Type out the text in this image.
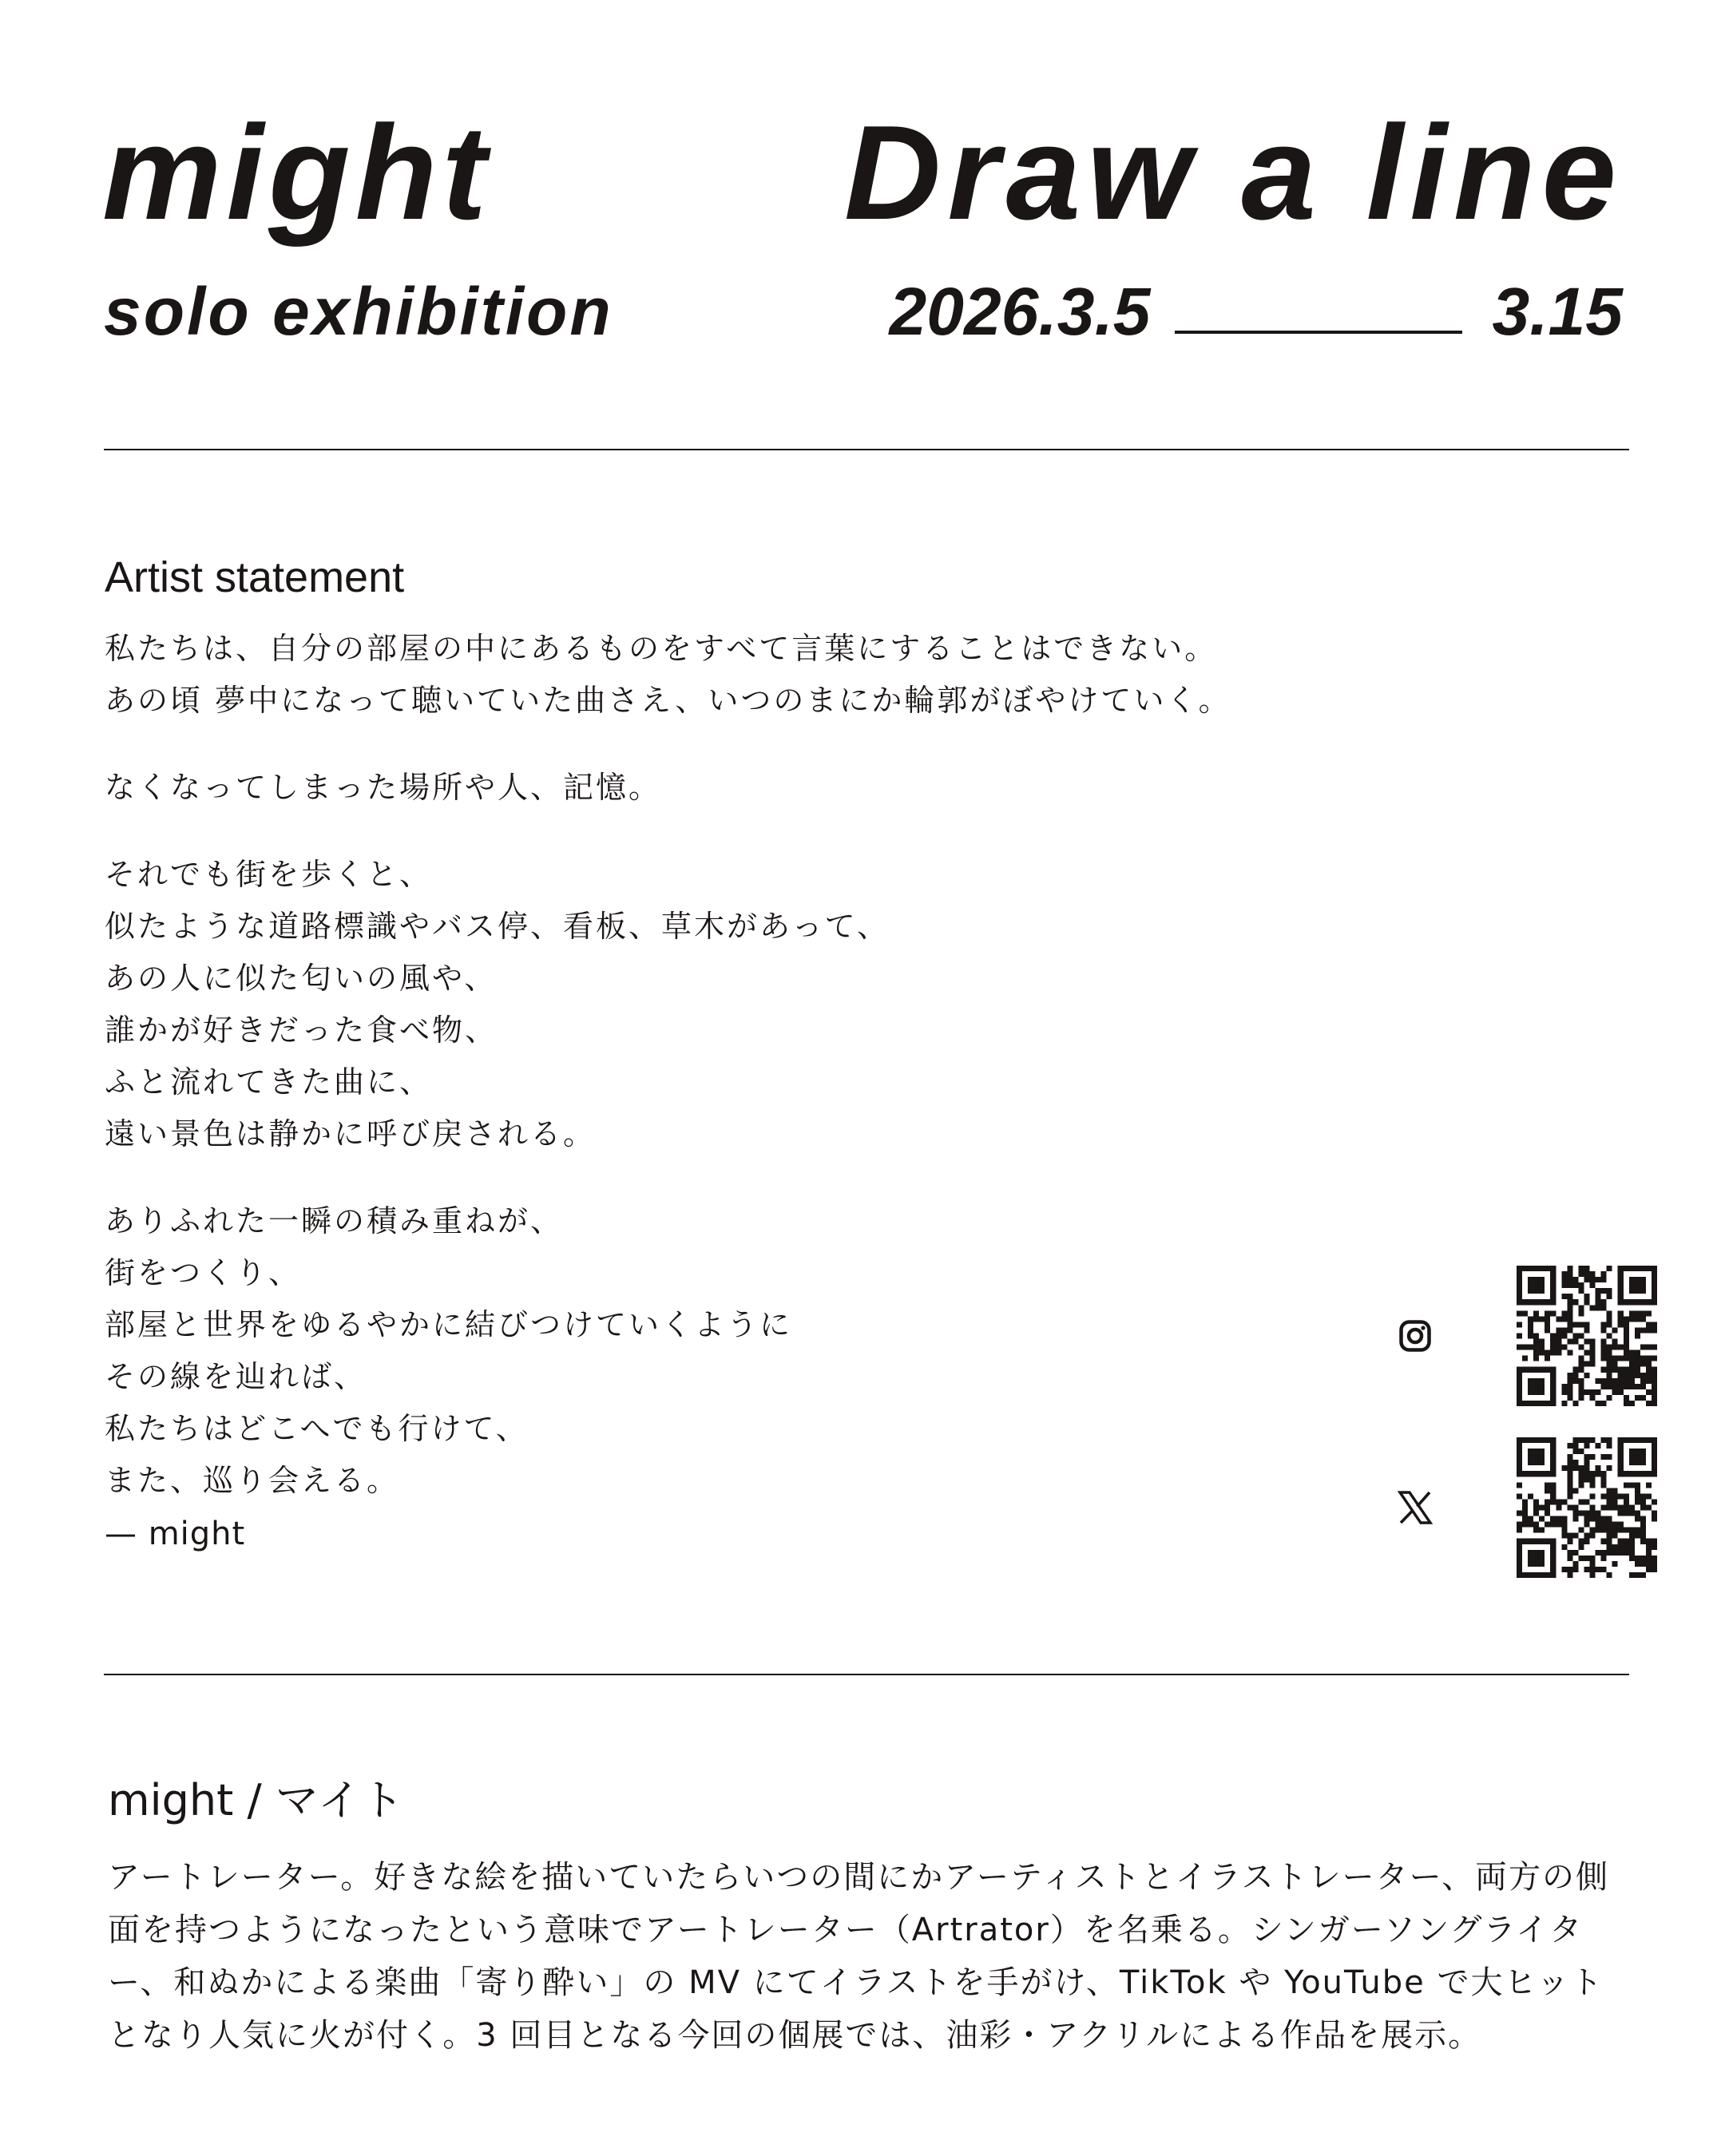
might	Draw a line
solo exhibition	2026.3.5	3.15
Artist statement

私たちは、自分の部屋の中にあるものをすべて言葉にすることはできない。

あの頃 夢中になって聴いていた曲さえ、いつのまにか輪郭がぼやけていく。

なくなってしまった場所や人、記憶。

それでも街を歩くと、

似たような道路標識やバス停、看板、草木があって、

あの人に似た匂いの風や、

誰かが好きだった食べ物、

ふと流れてきた曲に、

遠い景色は静かに呼び戻される。

ありふれた一瞬の積み重ねが、

街をつくり、

部屋と世界をゆるやかに結びつけていくように

その線を辿れば、

私たちはどこへでも行けて、

また、巡り会える。

— might
might / マイト

アートレーター。好きな絵を描いていたらいつの間にかアーティストとイラストレーター、両方の側面を持つようになったという意味でアートレーター（Artrator）を名乗る。シンガーソングライター、和ぬかによる楽曲「寄り酔い」の MV にてイラストを手がけ、TikTok や YouTube で大ヒットとなり人気に火が付く。3 回目となる今回の個展では、油彩・アクリルによる作品を展示。
